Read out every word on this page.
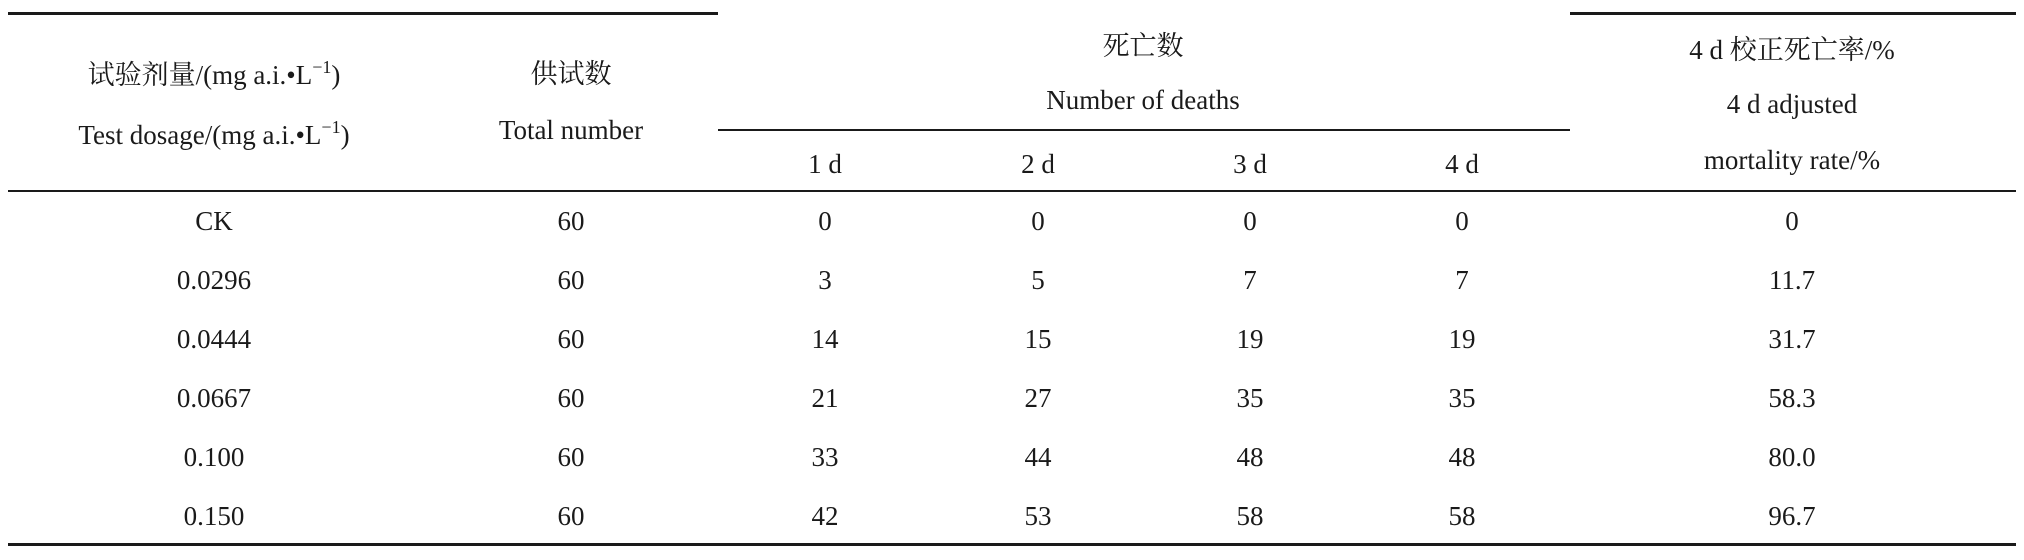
试验剂量/(mg $a.i.•L^{-1}$)
Test dosage/(mg $a.i.•L^{-1}$)
供试数
Total number
死亡数
Number of deaths
1 d	2 d	3 d	4 d
4 d 校正死亡率/%
4 d adjusted
mortality rate/%
CK	60	0	0	0	0	0
0.0296	60	3	5	7	7	11.7
0.0444	60	14	15	19	19	31.7
0.0667	60	21	27	35	35	58.3
0.100	60	33	44	48	48	80.0
0.150	60	42	53	58	58	96.7
